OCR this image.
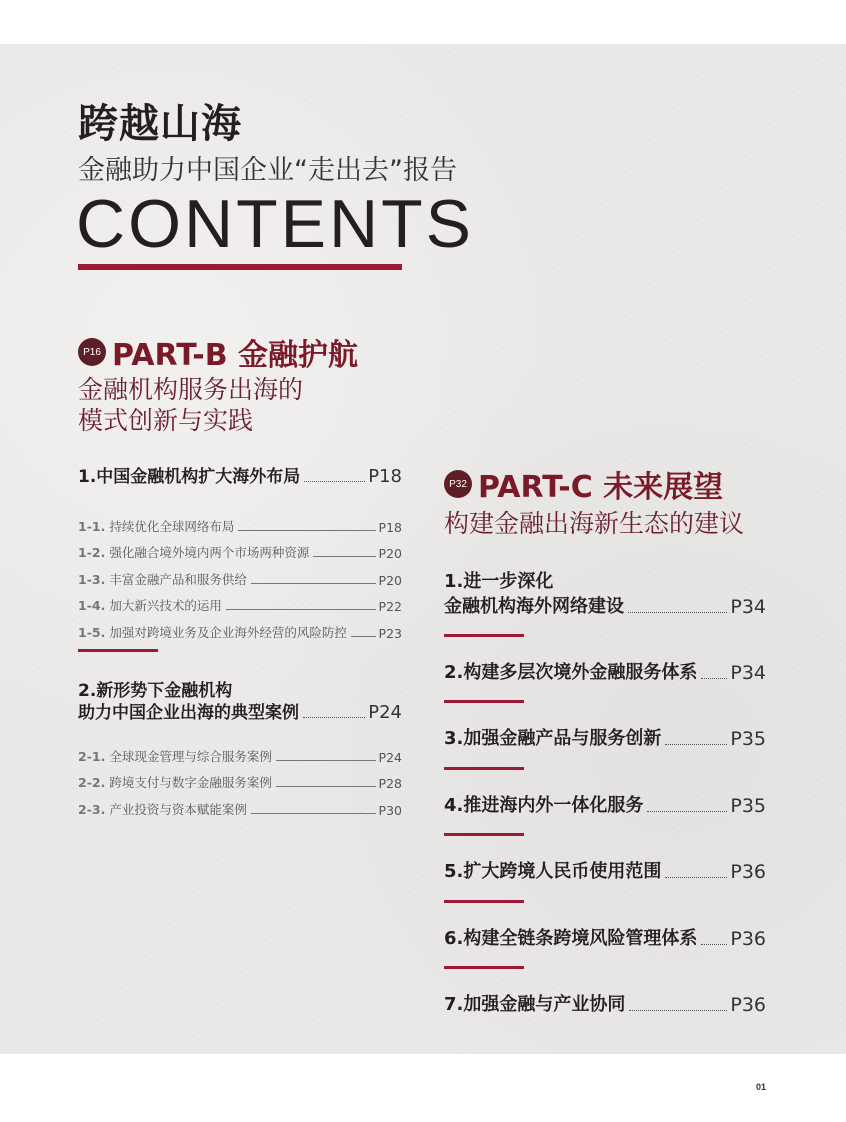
跨越山海
金融助力中国企业“走出去”报告
CONTENTS
P16 PART-B 金融护航
金融机构服务出海的
模式创新与实践
1.中国金融机构扩大海外布局	P18
1-1. 持续优化全球网络布局	P18
1-2. 强化融合境外境内两个市场两种资源	P20
1-3. 丰富金融产品和服务供给	P20
1-4. 加大新兴技术的运用	P22
1-5. 加强对跨境业务及企业海外经营的风险防控	P23
2.新形势下金融机构
助力中国企业出海的典型案例	P24
2-1. 全球现金管理与综合服务案例	P24
2-2. 跨境支付与数字金融服务案例	P28
2-3. 产业投资与资本赋能案例	P30
P32 PART-C 未来展望
构建金融出海新生态的建议
1.进一步深化
金融机构海外网络建设	P34
2.构建多层次境外金融服务体系 P34
3.加强金融产品与服务创新	P35
4.推进海内外一体化服务	P35
5.扩大跨境人民币使用范围	P36
6.构建全链条跨境风险管理体系 P36
7.加强金融与产业协同	P36
01
